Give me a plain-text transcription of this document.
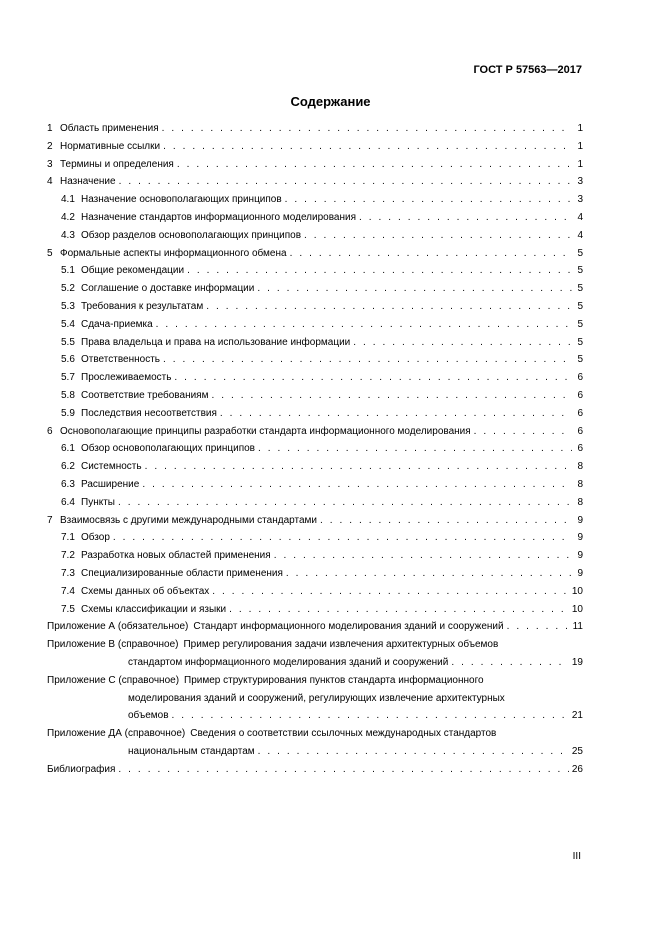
ГОСТ Р 57563—2017
Содержание
1 Область применения . . .	1
2 Нормативные ссылки . . .	1
3 Термины и определения . . .	1
4 Назначение . . .	3
4.1 Назначение основополагающих принципов . . .	3
4.2 Назначение стандартов информационного моделирования . . .	4
4.3 Обзор разделов основополагающих принципов . . .	4
5 Формальные аспекты информационного обмена . . .	5
5.1 Общие рекомендации . . .	5
5.2 Соглашение о доставке информации . . .	5
5.3 Требования к результатам . . .	5
5.4 Сдача-приемка . . .	5
5.5 Права владельца и права на использование информации . . .	5
5.6 Ответственность . . .	5
5.7 Прослеживаемость . . .	6
5.8 Соответствие требованиям . . .	6
5.9 Последствия несоответствия . . .	6
6 Основополагающие принципы разработки стандарта информационного моделирования . . .	6
6.1 Обзор основополагающих принципов . . .	6
6.2 Системность . . .	8
6.3 Расширение . . .	8
6.4 Пункты . . .	8
7 Взаимосвязь с другими международными стандартами . . .	9
7.1 Обзор . . .	9
7.2 Разработка новых областей применения . . .	9
7.3 Специализированные области применения . . .	9
7.4 Схемы данных об объектах . . .	10
7.5 Схемы классификации и языки . . .	10
Приложение А (обязательное) Стандарт информационного моделирования зданий и сооружений . . .	11
Приложение В (справочное) Пример регулирования задачи извлечения архитектурных объемов
стандартом информационного моделирования зданий и сооружений . . .	19
Приложение С (справочное) Пример структурирования пунктов стандарта информационного
моделирования зданий и сооружений, регулирующих извлечение архитектурных
объемов . . .	21
Приложение ДА (справочное) Сведения о соответствии ссылочных международных стандартов
национальным стандартам . . .	25
Библиография . . .	26
III
